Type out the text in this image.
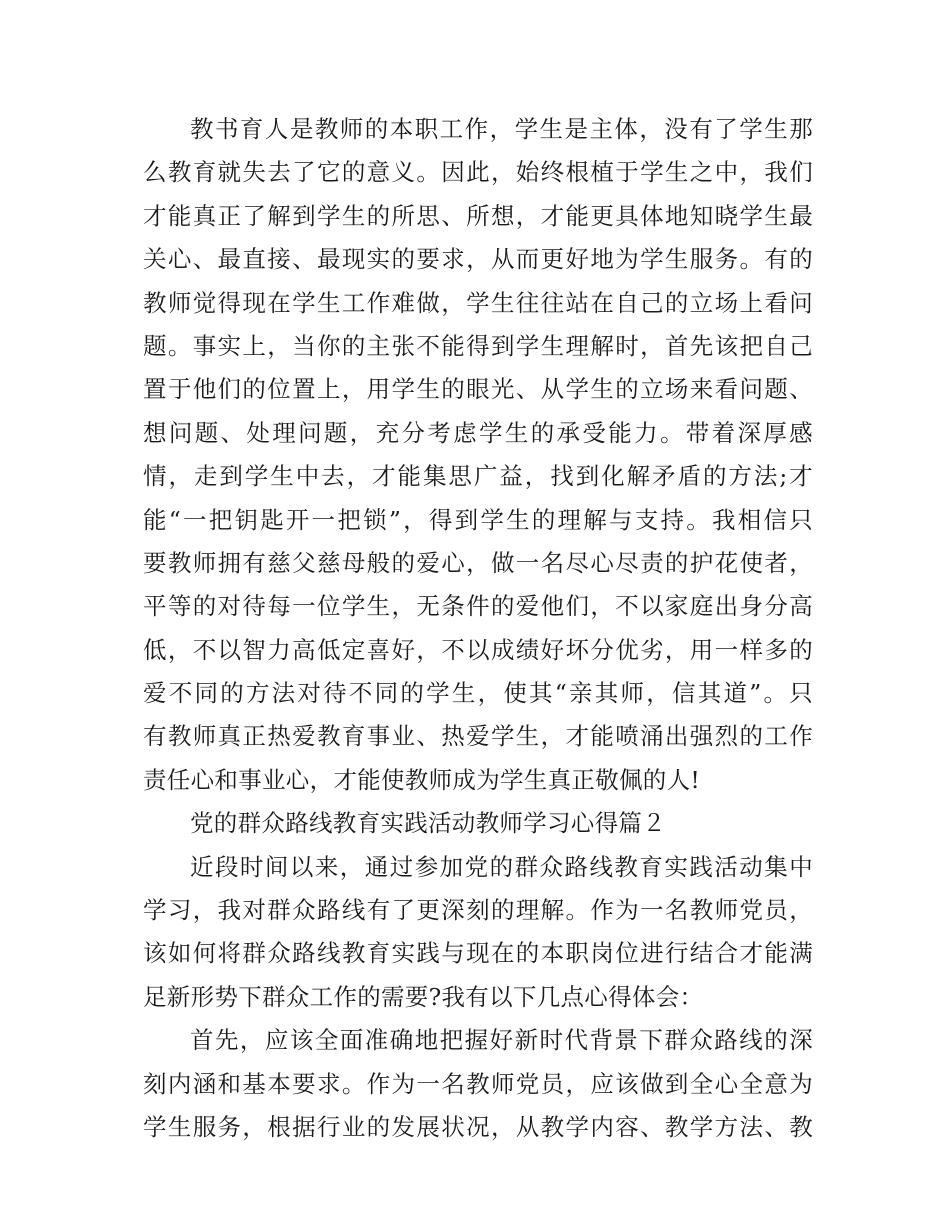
教书育人是教师的本职工作，学生是主体，没有了学生那
么教育就失去了它的意义。因此，始终根植于学生之中，我们
才能真正了解到学生的所思、所想，才能更具体地知晓学生最
关心、最直接、最现实的要求，从而更好地为学生服务。有的
教师觉得现在学生工作难做，学生往往站在自己的立场上看问
题。事实上，当你的主张不能得到学生理解时，首先该把自己
置于他们的位置上，用学生的眼光、从学生的立场来看问题、
想问题、处理问题，充分考虑学生的承受能力。带着深厚感
情，走到学生中去，才能集思广益，找到化解矛盾的方法;才
能“一把钥匙开一把锁”，得到学生的理解与支持。我相信只
要教师拥有慈父慈母般的爱心，做一名尽心尽责的护花使者，
平等的对待每一位学生，无条件的爱他们，不以家庭出身分高
低，不以智力高低定喜好，不以成绩好坏分优劣，用一样多的
爱不同的方法对待不同的学生，使其“亲其师，信其道”。只
有教师真正热爱教育事业、热爱学生，才能喷涌出强烈的工作
责任心和事业心，才能使教师成为学生真正敬佩的人!
党的群众路线教育实践活动教师学习心得篇２
近段时间以来，通过参加党的群众路线教育实践活动集中
学习，我对群众路线有了更深刻的理解。作为一名教师党员，
该如何将群众路线教育实践与现在的本职岗位进行结合才能满
足新形势下群众工作的需要?我有以下几点心得体会：
首先，应该全面准确地把握好新时代背景下群众路线的深
刻内涵和基本要求。作为一名教师党员，应该做到全心全意为
学生服务，根据行业的发展状况，从教学内容、教学方法、教
